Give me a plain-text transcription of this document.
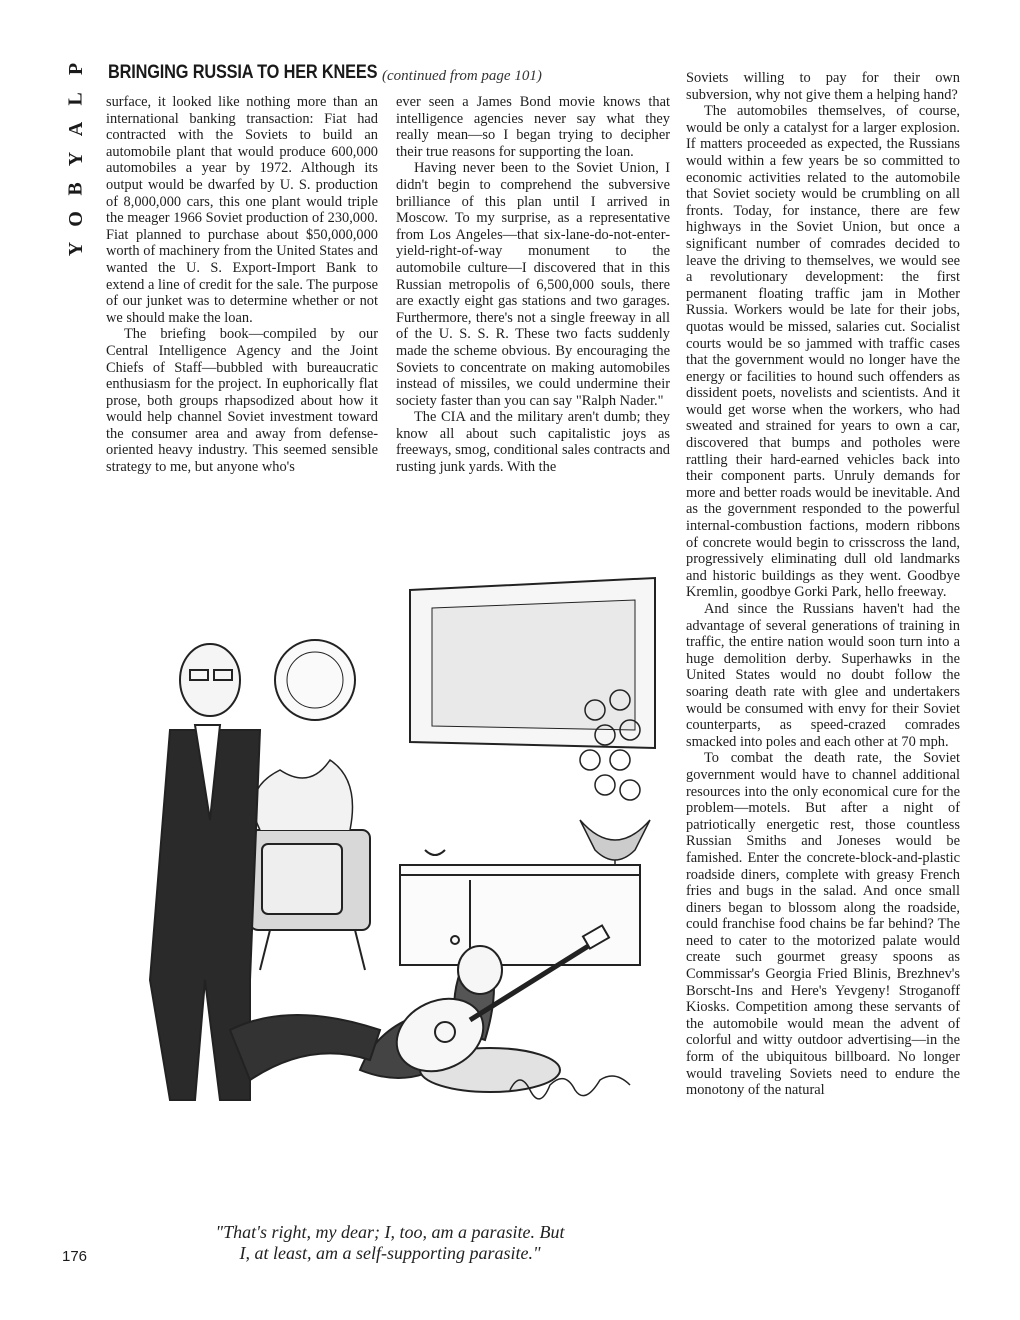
P
L
A
Y
B
O
Y
BRINGING RUSSIA TO HER KNEES (continued from page 101)

surface, it looked like nothing more than an international banking transaction: Fiat had contracted with the Soviets to build an automobile plant that would produce 600,000 automobiles a year by 1972. Although its output would be dwarfed by U. S. production of 8,000,000 cars, this one plant would triple the meager 1966 Soviet production of 230,000. Fiat planned to purchase about $50,000,000 worth of machinery from the United States and wanted the U. S. Export-Import Bank to extend a line of credit for the sale. The purpose of our junket was to determine whether or not we should make the loan.

The briefing book—compiled by our Central Intelligence Agency and the Joint Chiefs of Staff—bubbled with bureaucratic enthusiasm for the project. In euphorically flat prose, both groups rhapsodized about how it would help channel Soviet investment toward the consumer area and away from defense-oriented heavy industry. This seemed sensible strategy to me, but anyone who's

ever seen a James Bond movie knows that intelligence agencies never say what they really mean—so I began trying to decipher their true reasons for supporting the loan.

Having never been to the Soviet Union, I didn't begin to comprehend the subversive brilliance of this plan until I arrived in Moscow. To my surprise, as a representative from Los Angeles—that six-lane-do-not-enter-yield-right-of-way monument to the automobile culture—I discovered that in this Russian metropolis of 6,500,000 souls, there are exactly eight gas stations and two garages. Furthermore, there's not a single freeway in all of the U. S. S. R. These two facts suddenly made the scheme obvious. By encouraging the Soviets to concentrate on making automobiles instead of missiles, we could undermine their society faster than you can say "Ralph Nader."

The CIA and the military aren't dumb; they know all about such capitalistic joys as freeways, smog, conditional sales contracts and rusting junk yards. With the

Soviets willing to pay for their own subversion, why not give them a helping hand?

The automobiles themselves, of course, would be only a catalyst for a larger explosion. If matters proceeded as expected, the Russians would within a few years be so committed to economic activities related to the automobile that Soviet society would be crumbling on all fronts. Today, for instance, there are few highways in the Soviet Union, but once a significant number of comrades decided to leave the driving to themselves, we would see a revolutionary development: the first permanent floating traffic jam in Mother Russia. Workers would be late for their jobs, quotas would be missed, salaries cut. Socialist courts would be so jammed with traffic cases that the government would no longer have the energy or facilities to hound such offenders as dissident poets, novelists and scientists. And it would get worse when the workers, who had sweated and strained for years to own a car, discovered that bumps and potholes were rattling their hard-earned vehicles back into their component parts. Unruly demands for more and better roads would be inevitable. And as the government responded to the powerful internal-combustion factions, modern ribbons of concrete would begin to crisscross the land, progressively eliminating dull old landmarks and historic buildings as they went. Goodbye Kremlin, goodbye Gorki Park, hello freeway.

And since the Russians haven't had the advantage of several generations of training in traffic, the entire nation would soon turn into a huge demolition derby. Superhawks in the United States would no doubt follow the soaring death rate with glee and undertakers would be consumed with envy for their Soviet counterparts, as speed-crazed comrades smacked into poles and each other at 70 mph.

To combat the death rate, the Soviet government would have to channel additional resources into the only economical cure for the problem—motels. But after a night of patriotically energetic rest, those countless Russian Smiths and Joneses would be famished. Enter the concrete-block-and-plastic roadside diners, complete with greasy French fries and bugs in the salad. And once small diners began to blossom along the roadside, could franchise food chains be far behind? The need to cater to the motorized palate would create such gourmet greasy spoons as Commissar's Georgia Fried Blinis, Brezhnev's Borscht-Ins and Here's Yevgeny! Stroganoff Kiosks. Competition among these servants of the automobile would mean the advent of colorful and witty outdoor advertising—in the form of the ubiquitous billboard. No longer would traveling Soviets need to endure the monotony of the natural

"That's right, my dear; I, too, am a parasite. But
I, at least, am a self-supporting parasite."
176
